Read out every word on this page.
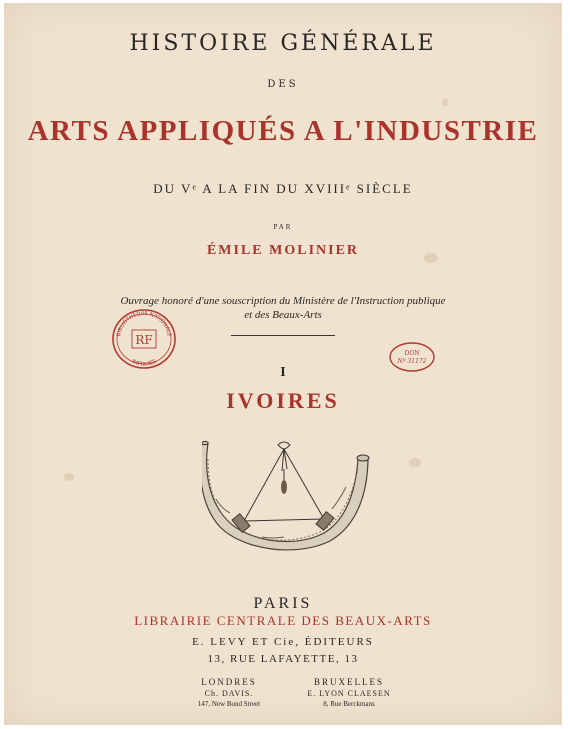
HISTOIRE GÉNÉRALE
DES
ARTS APPLIQUÉS A L'INDUSTRIE
DU Vᵉ A LA FIN DU XVIIIᵉ SIÈCLE
PAR
ÉMILE MOLINIER
Ouvrage honoré d'une souscription du Ministère de l'Instruction publique
et des Beaux-Arts
RF
BIBLIOTHÈQUE NATIONALE
IMPRIMÉS
DON
Nº 31172
I
IVOIRES
PARIS
LIBRAIRIE CENTRALE DES BEAUX-ARTS
E. LEVY ET Cie, ÉDITEURS
13, RUE LAFAYETTE, 13
LONDRES
Ch. DAVIS.
147, New Bond Street
BRUXELLES
E. LYON CLAESEN
8, Rue Berckmans
